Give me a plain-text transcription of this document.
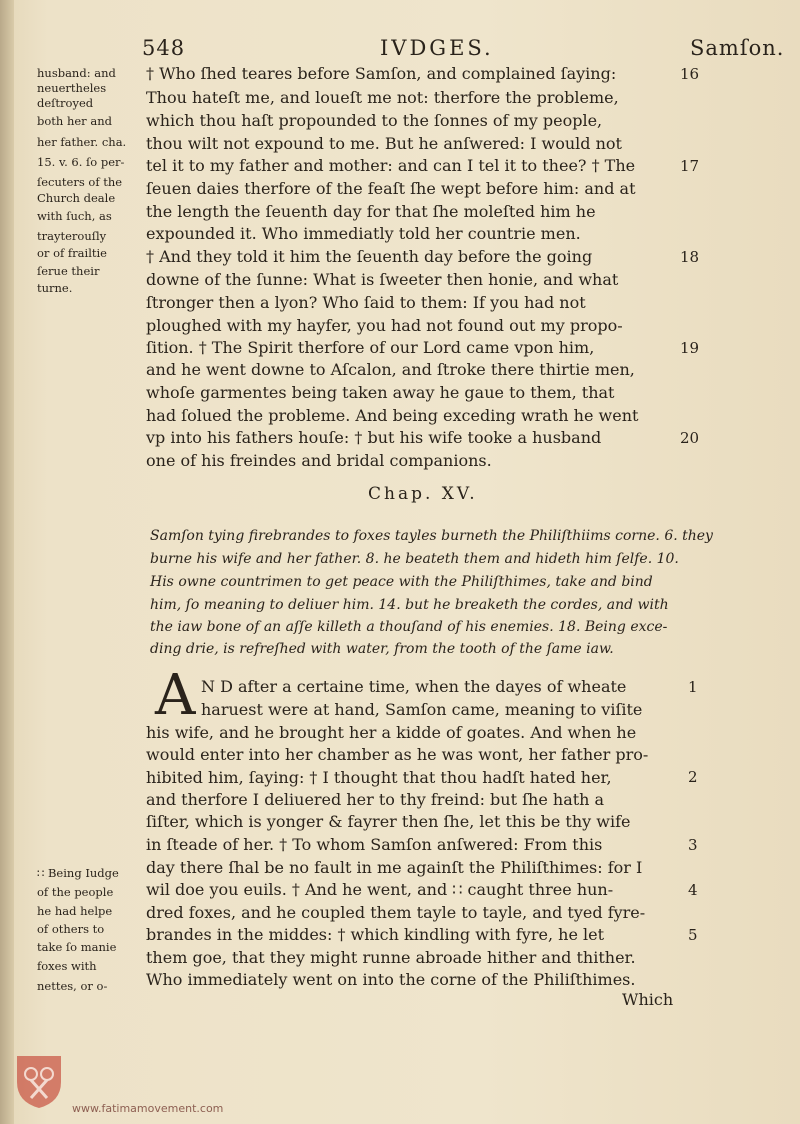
548	IVDGES.	Samſon.
† Who ſhed teares before Samſon, and complained ſaying:
Thou hateſt me, and loueſt me not: therfore the probleme,
which thou haſt propounded to the ſonnes of my people,
thou wilt not expound to me. But he anſwered: I would not
tel it to my father and mother: and can I tel it to thee? † The
ſeuen daies therfore of the feaſt ſhe wept before him: and at
the length the ſeuenth day for that ſhe moleſted him he
expounded it. Who immediatly told her countrie men.
† And they told it him the ſeuenth day before the going
downe of the ſunne: What is ſweeter then honie, and what
ſtronger then a lyon? Who ſaid to them: If you had not
ploughed with my hayfer, you had not found out my propo-
ſition. † The Spirit therfore of our Lord came vpon him,
and he went downe to Aſcalon, and ſtroke there thirtie men,
whoſe garmentes being taken away he gaue to them, that
had ſolued the probleme. And being exceding wrath he went
vp into his fathers houſe: † but his wife tooke a husband
one of his freindes and bridal companions.
16
17
18
19
20
husband: and
neuertheles
deſtroyed
both her and
her father. cha.
15. v. 6. ſo per-
ſecuters of the
Church deale
with ſuch, as
trayterouſly
or of frailtie
ſerue their
turne.
Chap. XV.
Samſon tying firebrandes to foxes tayles burneth the Philiſthiims corne. 6. they
burne his wife and her father. 8. he beateth them and hideth him ſelfe. 10.
His owne countrimen to get peace with the Philiſthimes, take and bind
him, ſo meaning to deliuer him. 14. but he breaketh the cordes, and with
the iaw bone of an aſſe killeth a thouſand of his enemies. 18. Being exce-
ding drie, is refreſhed with water, from the tooth of the ſame iaw.
A N D after a certaine time, when the dayes of wheate
haruest were at hand, Samſon came, meaning to viſite
his wife, and he brought her a kidde of goates. And when he
would enter into her chamber as he was wont, her father pro-
hibited him, ſaying: † I thought that thou hadſt hated her,
and therfore I deliuered her to thy freind: but ſhe hath a
ſiſter, which is yonger & fayrer then ſhe, let this be thy wife
in ſteade of her. † To whom Samſon anſwered: From this
day there ſhal be no fault in me againſt the Philiſthimes: for I
wil doe you euils. † And he went, and ∷ caught three hun-
dred foxes, and he coupled them tayle to tayle, and tyed fyre-
brandes in the middes: † which kindling with fyre, he let
them goe, that they might runne abroade hither and thither.
Who immediately went on into the corne of the Philiſthimes.
Which
1
2
3
4
5
∷ Being Iudge
of the people
he had helpe
of others to
take ſo manie
foxes with
nettes, or o-
www.fatimamovement.com
